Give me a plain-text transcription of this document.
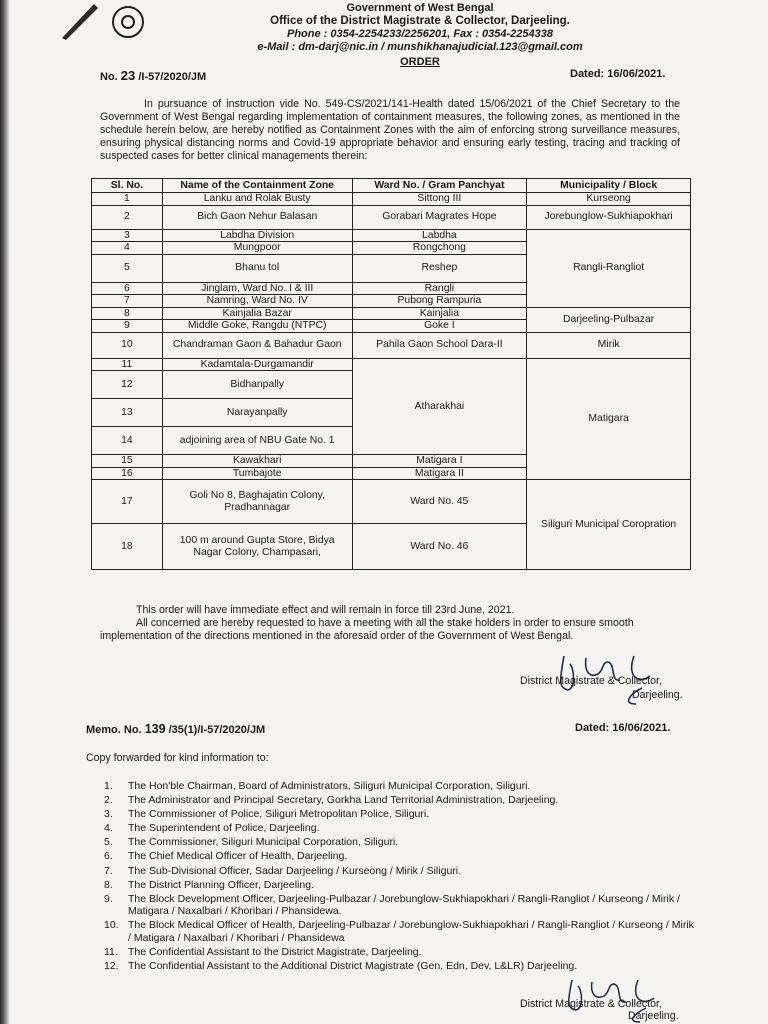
Government of West Bengal
Office of the District Magistrate & Collector, Darjeeling.
Phone : 0354-2254233/2256201, Fax : 0354-2254338
e-Mail : dm-darj@nic.in / munshikhanajudicial.123@gmail.com
ORDER
No. 23 /I-57/2020/JM	Dated: 16/06/2021.
In pursuance of instruction vide No. 549-CS/2021/141-Health dated 15/06/2021 of the Chief Secretary to the Government of West Bengal regarding implementation of containment measures, the following zones, as mentioned in the schedule herein below, are hereby notified as Containment Zones with the aim of enforcing strong surveillance measures, ensuring physical distancing norms and Covid-19 appropriate behavior and ensuring early testing, tracing and tracking of suspected cases for better clinical managements therein:
Sl. No.	Name of the Containment Zone	Ward No. / Gram Panchyat	Municipality / Block
1	Lanku and Rolak Busty	Sittong III	Kurseong
2	Bich Gaon Nehur Balasan	Gorabari Magrates Hope	Jorebunglow-Sukhiapokhari
3	Labdha Division	Labdha	Rangli-Rangliot
4	Mungpoor	Rongchong	
5	Bhanu tol	Reshep	
6	Jinglam, Ward No. I & III	Rangli	
7	Namring, Ward No. IV	Pubong Rampuria	
8	Kainjalia Bazar	Kainjalia	Darjeeling-Pulbazar
9	Middle Goke, Rangdu (NTPC)	Goke I	
10	Chandraman Gaon & Bahadur Gaon	Pahila Gaon School Dara-II	Mirik
11	Kadamtala-Durgamandir	Atharakhai	Matigara
12	Bidhanpally		
13	Narayanpally		
14	adjoining area of NBU Gate No. 1		
15	Kawakhari	Matigara I	
16	Tumbajote	Matigara II	
17	Goli No 8, Baghajatin Colony, Pradhannagar	Ward No. 45	Siliguri Municipal Coropration
18	100 m around Gupta Store, Bidya Nagar Colony, Champasari,	Ward No. 46	
This order will have immediate effect and will remain in force till 23rd June, 2021.
All concerned are hereby requested to have a meeting with all the stake holders in order to ensure smooth implementation of the directions mentioned in the aforesaid order of the Government of West Bengal.
District Magistrate & Collector,
Darjeeling.
Memo. No. 139 /35(1)/I-57/2020/JM	Dated: 16/06/2021.
Copy forwarded for kind information to:
1. The Hon'ble Chairman, Board of Administrators, Siliguri Municipal Corporation, Siliguri.
2. The Administrator and Principal Secretary, Gorkha Land Territorial Administration, Darjeeling.
3. The Commissioner of Police, Siliguri Metropolitan Police, Siliguri.
4. The Superintendent of Police, Darjeeling.
5. The Commissioner, Siliguri Municipal Corporation, Siliguri.
6. The Chief Medical Officer of Health, Darjeeling.
7. The Sub-Divisional Officer, Sadar Darjeeling / Kurseong / Mirik / Siliguri.
8. The District Planning Officer, Darjeeling.
9. The Block Development Officer, Darjeeling-Pulbazar / Jorebunglow-Sukhiapokhari / Rangli-Rangliot / Kurseong / Mirik / Matigara / Naxalbari / Khoribari / Phansidewa.
10. The Block Medical Officer of Health, Darjeeling-Pulbazar / Jorebunglow-Sukhiapokhari / Rangli-Rangliot / Kurseong / Mirik / Matigara / Naxalbari / Khoribari / Phansidewa
11. The Confidential Assistant to the District Magistrate, Darjeeling.
12. The Confidential Assistant to the Additional District Magistrate (Gen, Edn, Dev, L&LR) Darjeeling.
District Magistrate & Collector,
Darjeeling.
